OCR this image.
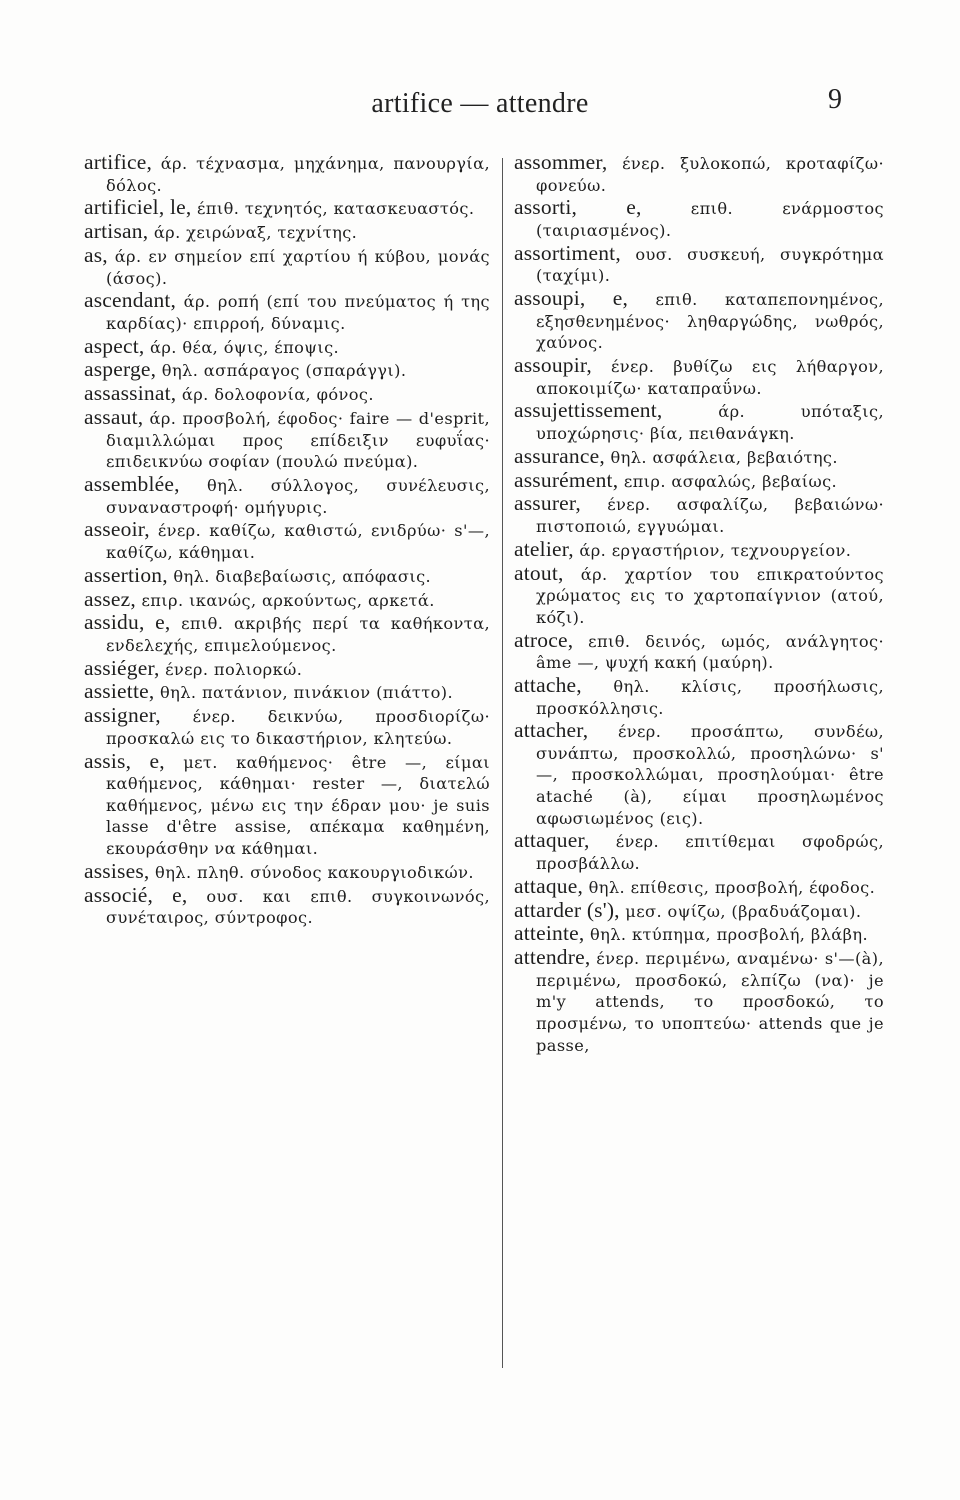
artifice — attendre	9

artifice, άρ. τέχνασμα, μηχάνημα, πανουργία, δόλος.

artificiel, le, έπιθ. τεχνητός, κατασκευαστός.

artisan, άρ. χειρώναξ, τεχνίτης.

as, άρ. εν σημείον επί χαρτίου ή κύβου, μονάς (άσος).

ascendant, άρ. ροπή (επί του πνεύματος ή της καρδίας)· επιρροή, δύναμις.

aspect, άρ. θέα, όψις, έποψις.

asperge, θηλ. ασπάραγος (σπαράγγι).

assassinat, άρ. δολοφονία, φόνος.

assaut, άρ. προσβολή, έφοδος· faire — d'esprit, διαμιλλώμαι προς επίδειξιν ευφυΐας· επιδεικνύω σοφίαν (πουλώ πνεύμα).

assemblée, θηλ. σύλλογος, συνέλευσις, συναναστροφή· ομήγυρις.

asseoir, ένερ. καθίζω, καθιστώ, ενιδρύω· s'—, καθίζω, κάθημαι.

assertion, θηλ. διαβεβαίωσις, απόφασις.

assez, επιρ. ικανώς, αρκούντως, αρκετά.

assidu, e, επιθ. ακριβής περί τα καθήκοντα, ενδελεχής, επιμελούμενος.

assiéger, ένερ. πολιορκώ.

assiette, θηλ. πατάνιον, πινάκιον (πιάττο).

assigner, ένερ. δεικνύω, προσδιορίζω· προσκαλώ εις το δικαστήριον, κλητεύω.

assis, e, μετ. καθήμενος· être —, είμαι καθήμενος, κάθημαι· rester —, διατελώ καθήμενος, μένω εις την έδραν μου· je suis lasse d'être assise, απέκαμα καθημένη, εκουράσθην να κάθημαι.

assises, θηλ. πληθ. σύνοδος κακουργιοδικών.

associé, e, ουσ. και επιθ. συγκοινωνός, συνέταιρος, σύντροφος.

assommer, ένερ. ξυλοκοπώ, κροταφίζω· φονεύω.

assorti, e, επιθ. ενάρμοστος (ταιριασμένος).

assortiment, ουσ. συσκευή, συγκρότημα (ταχίμι).

assoupi, e, επιθ. καταπεπονημένος, εξησθενημένος· ληθαργώδης, νωθρός, χαύνος.

assoupir, ένερ. βυθίζω εις λήθαργον, αποκοιμίζω· καταπραΰνω.

assujettissement, άρ. υπόταξις, υποχώρησις· βία, πειθανάγκη.

assurance, θηλ. ασφάλεια, βεβαιότης.

assurément, επιρ. ασφαλώς, βεβαίως.

assurer, ένερ. ασφαλίζω, βεβαιώνω· πιστοποιώ, εγγυώμαι.

atelier, άρ. εργαστήριον, τεχνουργείον.

atout, άρ. χαρτίον του επικρατούντος χρώματος εις το χαρτοπαίγνιον (ατού, κόζι).

atroce, επιθ. δεινός, ωμός, ανάλγητος· âme —, ψυχή κακή (μαύρη).

attache, θηλ. κλίσις, προσήλωσις, προσκόλλησις.

attacher, ένερ. προσάπτω, συνδέω, συνάπτω, προσκολλώ, προσηλώνω· s' —, προσκολλώμαι, προσηλούμαι· être ataché (à), είμαι προσηλωμένος αφωσιωμένος (εις).

attaquer, ένερ. επιτίθεμαι σφοδρώς, προσβάλλω.

attaque, θηλ. επίθεσις, προσβολή, έφοδος.

attarder (s'), μεσ. οψίζω, (βραδυάζομαι).

atteinte, θηλ. κτύπημα, προσβολή, βλάβη.

attendre, ένερ. περιμένω, αναμένω· s'—(à), περιμένω, προσδοκώ, ελπίζω (να)· je m'y attends, το προσδοκώ, το προσμένω, το υποπτεύω· attends que je passe,
